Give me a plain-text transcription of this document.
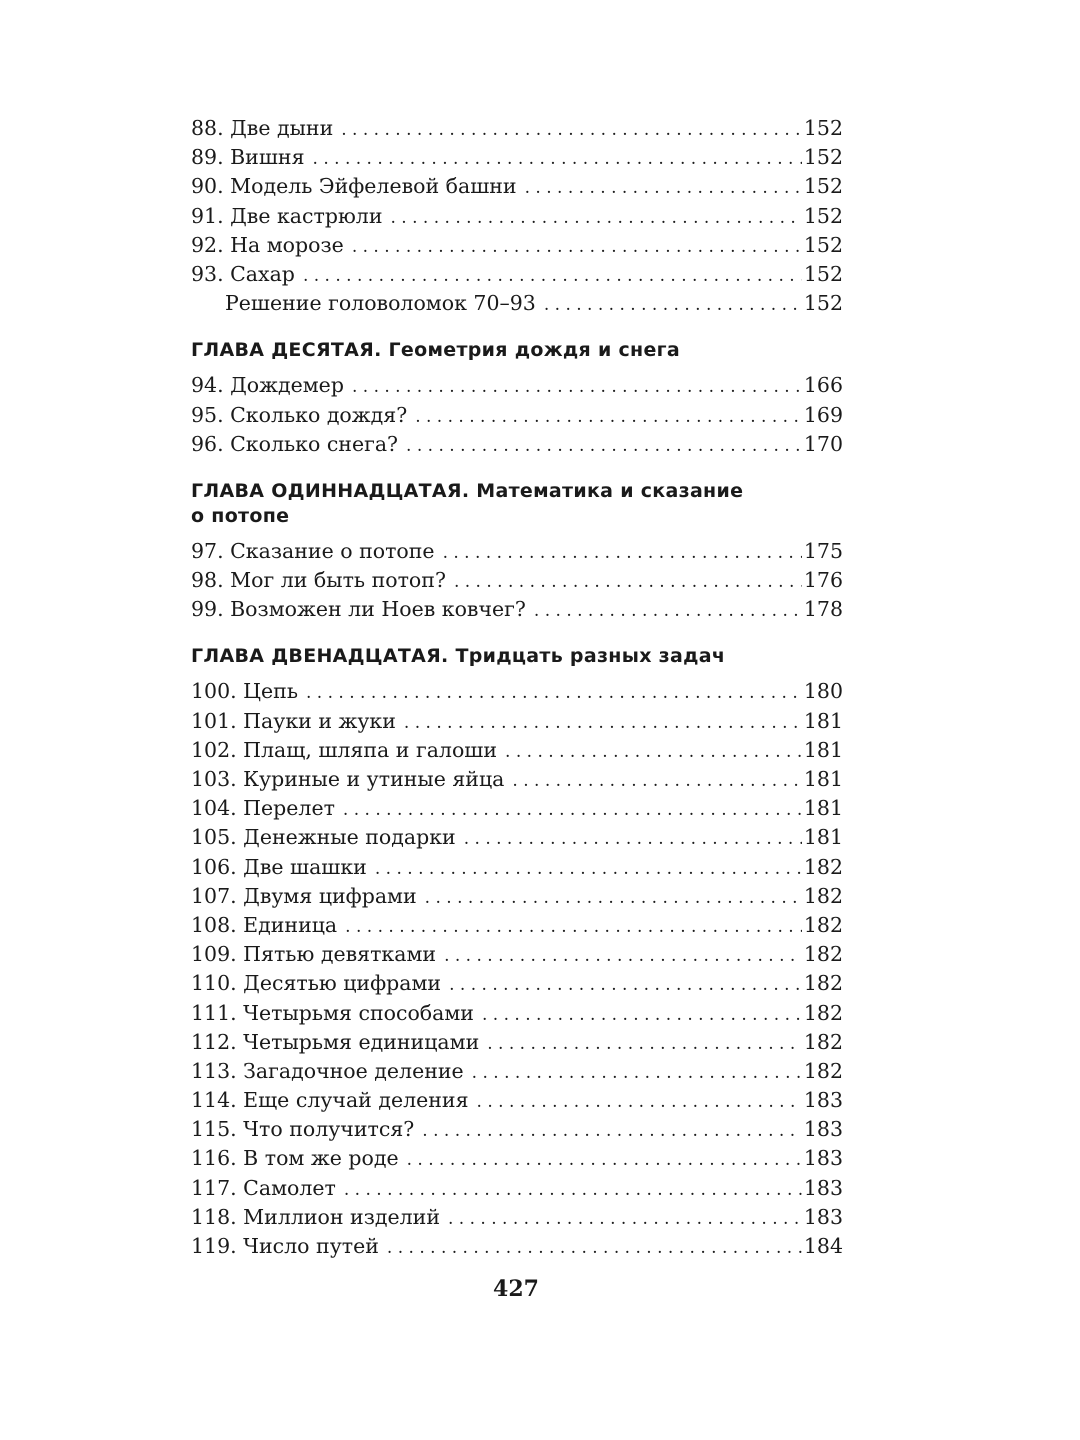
88. Две дыни . . .	152
89. Вишня . . .	152
90. Модель Эйфелевой башни . . .	152
91. Две кастрюли . . .	152
92. На морозе . . .	152
93. Сахар . . .	152
Решение головоломок 70–93 . . .	152
ГЛАВА ДЕСЯТАЯ. Геометрия дождя и снега
94. Дождемер . . .	166
95. Сколько дождя? . . .	169
96. Сколько снега? . . .	170
ГЛАВА ОДИННАДЦАТАЯ. Математика и сказание
о потопе
97. Сказание о потопе . . .	175
98. Мог ли быть потоп? . . .	176
99. Возможен ли Ноев ковчег? . . .	178
ГЛАВА ДВЕНАДЦАТАЯ. Тридцать разных задач
100. Цепь . . .	180
101. Пауки и жуки . . .	181
102. Плащ, шляпа и галоши . . .	181
103. Куриные и утиные яйца . . .	181
104. Перелет . . .	181
105. Денежные подарки . . .	181
106. Две шашки . . .	182
107. Двумя цифрами . . .	182
108. Единица . . .	182
109. Пятью девятками . . .	182
110. Десятью цифрами . . .	182
111. Четырьмя способами . . .	182
112. Четырьмя единицами . . .	182
113. Загадочное деление . . .	182
114. Еще случай деления . . .	183
115. Что получится? . . .	183
116. В том же роде . . .	183
117. Самолет . . .	183
118. Миллион изделий . . .	183
119. Число путей . . .	184
427
